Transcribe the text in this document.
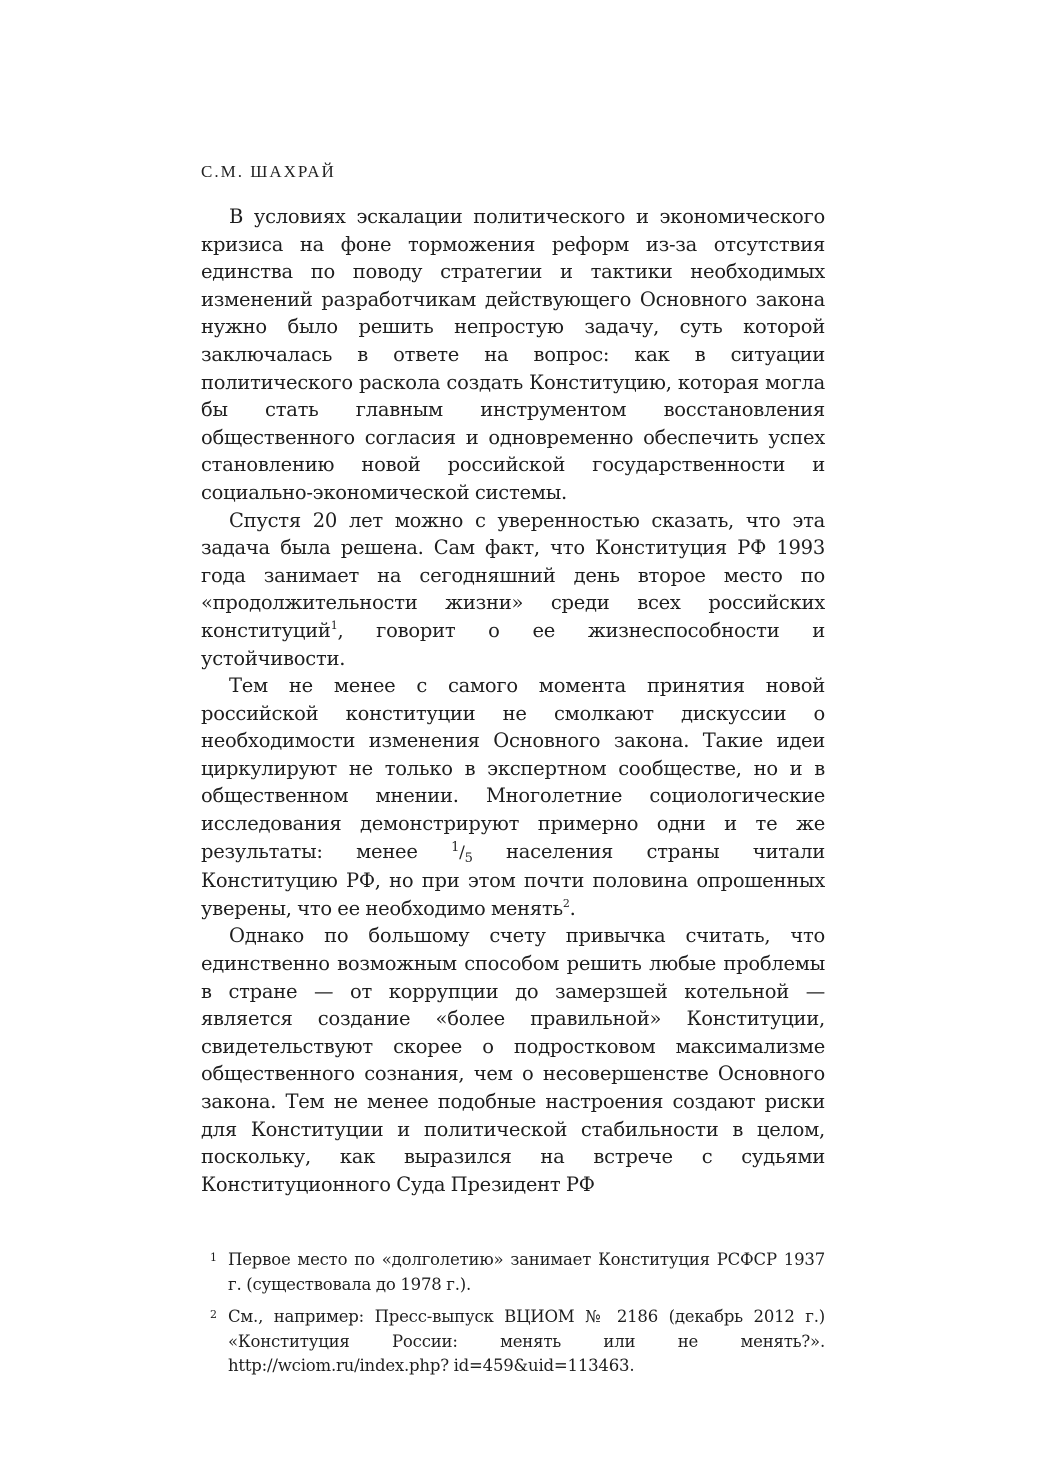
С.М. ШАХРАЙ

В условиях эскалации политического и экономического кризиса на фоне торможения реформ из-за отсутствия единства по поводу стратегии и тактики необходимых изменений разработчикам действующего Основного закона нужно было решить непростую задачу, суть которой заключалась в ответе на вопрос: как в ситуации политического раскола создать Конституцию, которая могла бы стать главным инструментом восстановления общественного согласия и одновременно обеспечить успех становлению новой российской государственности и социально-экономической системы.

Спустя 20 лет можно с уверенностью сказать, что эта задача была решена. Сам факт, что Конституция РФ 1993 года занимает на сегодняшний день второе место по «продолжительности жизни» среди всех российских конституций$^1$, говорит о ее жизнеспособности и устойчивости.

Тем не менее с самого момента принятия новой российской конституции не смолкают дискуссии о необходимости изменения Основного закона. Такие идеи циркулируют не только в экспертном сообществе, но и в общественном мнении. Многолетние социологические исследования демонстрируют примерно одни и те же результаты: менее $^1/_5$ населения страны читали Конституцию РФ, но при этом почти половина опрошенных уверены, что ее необходимо менять$^2$.

Однако по большому счету привычка считать, что единственно возможным способом решить любые проблемы в стране — от коррупции до замерзшей котельной — является создание «более правильной» Конституции, свидетельствуют скорее о подростковом максимализме общественного сознания, чем о несовершенстве Основного закона. Тем не менее подобные настроения создают риски для Конституции и политической стабильности в целом, поскольку, как выразился на встрече с судьями Конституционного Суда Президент РФ

1 Первое место по «долголетию» занимает Конституция РСФСР 1937 г. (существовала до 1978 г.).
2 См., например: Пресс-выпуск ВЦИОМ № 2186 (декабрь 2012 г.) «Конституция России: менять или не менять?». http://wciom.ru/index.php? id=459&uid=113463.
